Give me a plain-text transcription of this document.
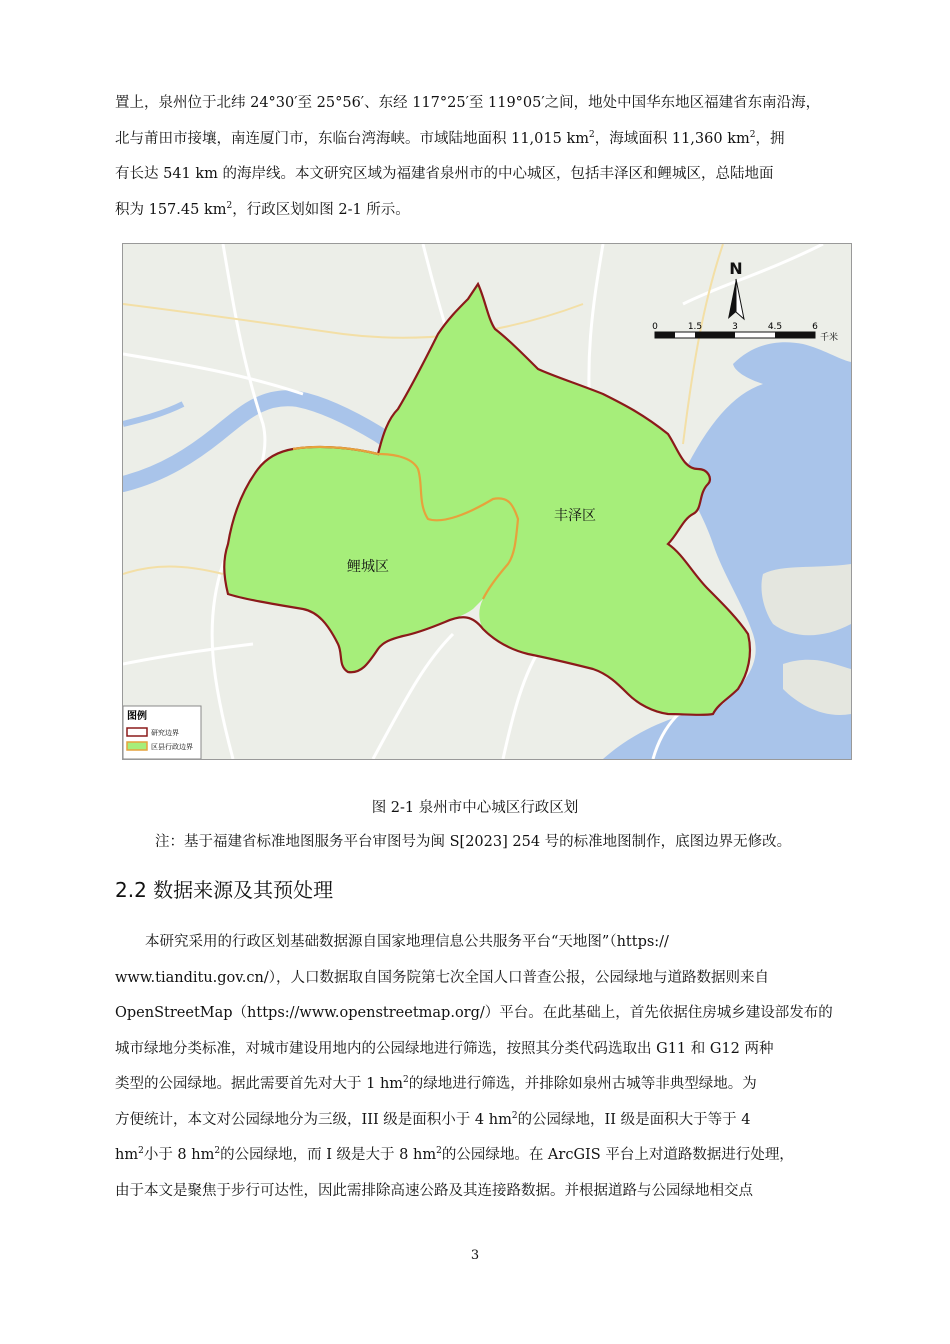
置上，泉州位于北纬 24°30′至 25°56′、东经 117°25′至 119°05′之间，地处中国华东地区福建省东南沿海，
北与莆田市接壤，南连厦门市，东临台湾海峡。市域陆地面积 11,015 $km^2$，海域面积 11,360 $km^2$，拥
有长达 541 km 的海岸线。本文研究区域为福建省泉州市的中心城区，包括丰泽区和鲤城区，总陆地面
积为 157.45 $km^2$，行政区划如图 2-1 所示。
丰泽区
鲤城区
N
0	1.5	3	4.5	6
千米
图例
研究边界
区县行政边界

图 2-1 泉州市中心城区行政区划

注：基于福建省标准地图服务平台审图号为闽 S[2023] 254 号的标准地图制作，底图边界无修改。

2.2 数据来源及其预处理
本研究采用的行政区划基础数据源自国家地理信息公共服务平台“天地图”（https://
www.tianditu.gov.cn/），人口数据取自国务院第七次全国人口普查公报，公园绿地与道路数据则来自
OpenStreetMap（https://www.openstreetmap.org/）平台。在此基础上，首先依据住房城乡建设部发布的
城市绿地分类标准，对城市建设用地内的公园绿地进行筛选，按照其分类代码选取出 G11 和 G12 两种
类型的公园绿地。据此需要首先对大于 1 $hm^2$的绿地进行筛选，并排除如泉州古城等非典型绿地。为
方便统计，本文对公园绿地分为三级，III 级是面积小于 4 $hm^2$的公园绿地，II 级是面积大于等于 4
$hm^2$小于 8 $hm^2$的公园绿地，而 I 级是大于 8 $hm^2$的公园绿地。在 ArcGIS 平台上对道路数据进行处理，
由于本文是聚焦于步行可达性，因此需排除高速公路及其连接路数据。并根据道路与公园绿地相交点

3
